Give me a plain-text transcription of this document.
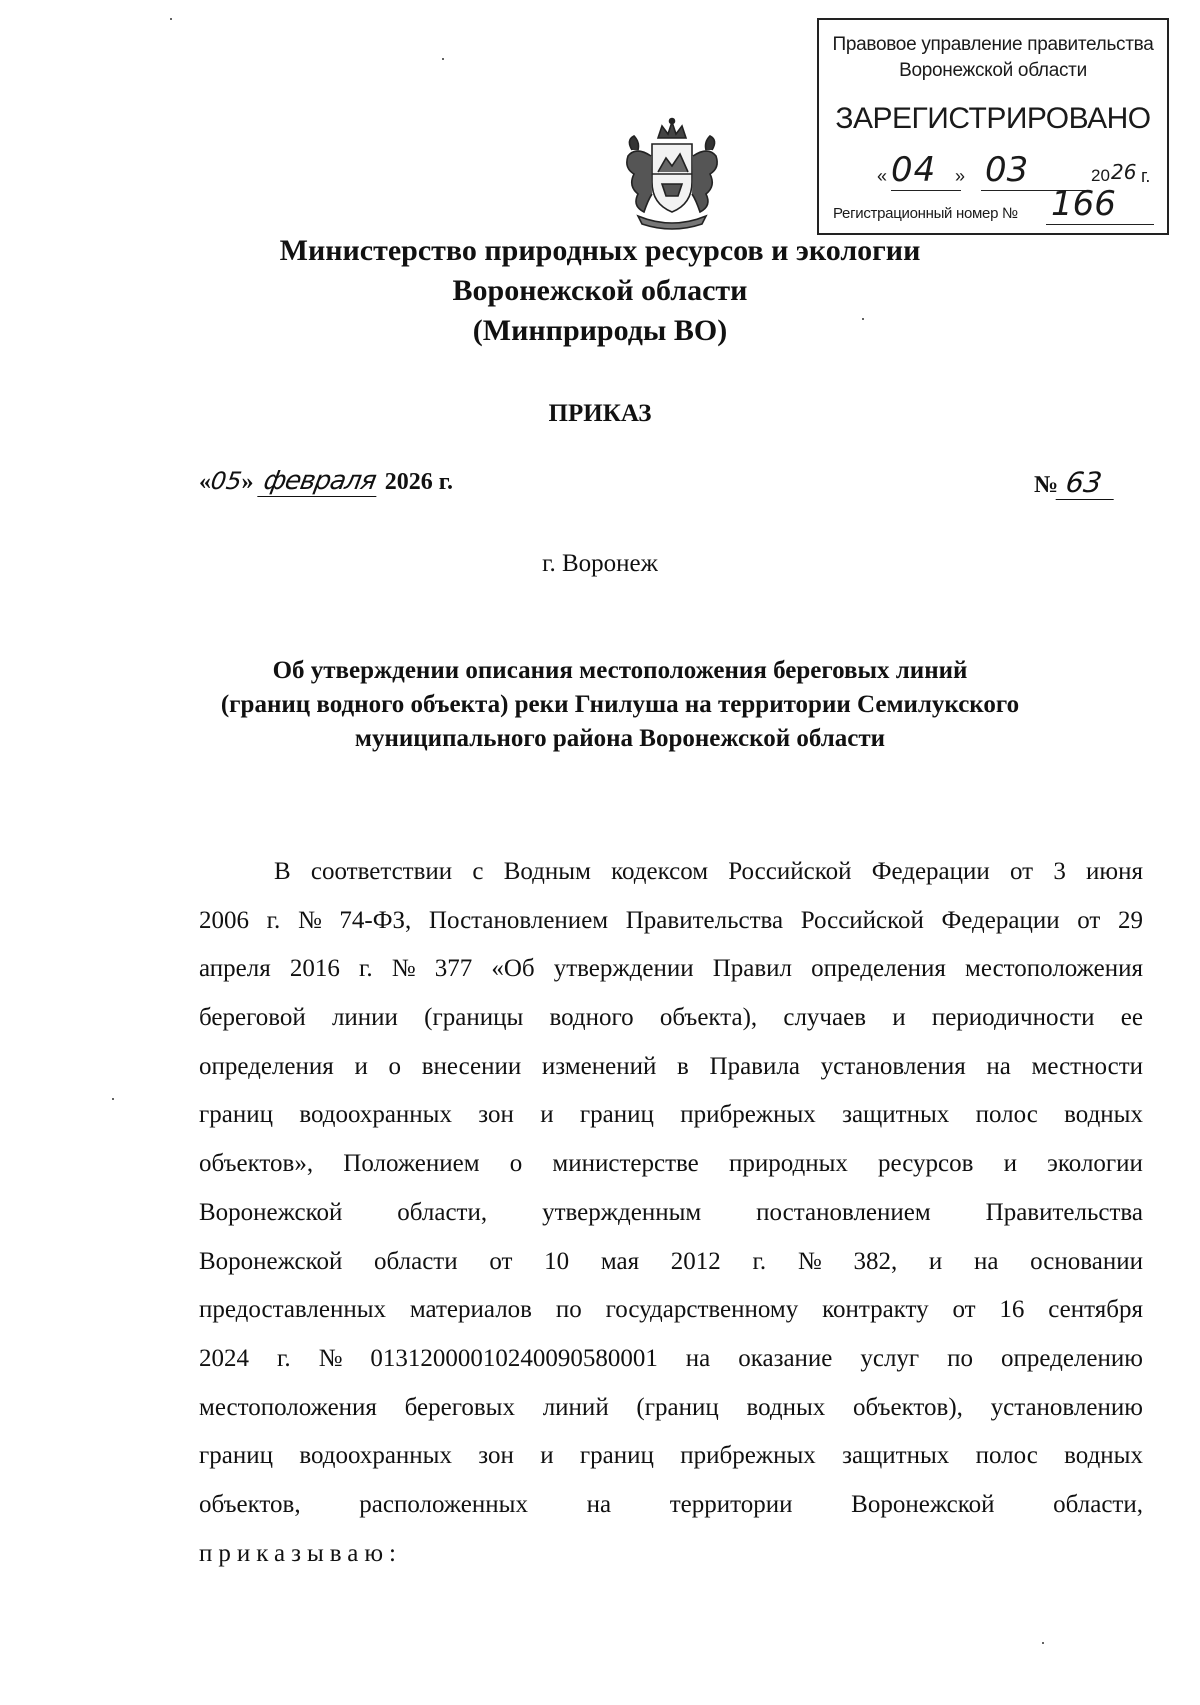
Правовое управление правительства
Воронежской области
ЗАРЕГИСТРИРОВАНО
« 04 » 03	20 26 г.
Регистрационный номер № 166
Министерство природных ресурсов и экологии
Воронежской области
(Минприроды ВО)
ПРИКАЗ
«05» февраля 2026 г.	№ 63
г. Воронеж
Об утверждении описания местоположения береговых линий
(границ водного объекта) реки Гнилуша на территории Семилукского
муниципального района Воронежской области
В соответствии с Водным кодексом Российской Федерации от 3 июня
2006 г. № 74-ФЗ, Постановлением Правительства Российской Федерации от 29
апреля 2016 г. № 377 «Об утверждении Правил определения местоположения
береговой линии (границы водного объекта), случаев и периодичности ее
определения и о внесении изменений в Правила установления на местности
границ водоохранных зон и границ прибрежных защитных полос водных
объектов», Положением о министерстве природных ресурсов и экологии
Воронежской области, утвержденным постановлением Правительства
Воронежской области от 10 мая 2012 г. № 382, и на основании
предоставленных материалов по государственному контракту от 16 сентября
2024 г. № 01312000010240090580001 на оказание услуг по определению
местоположения береговых линий (границ водных объектов), установлению
границ водоохранных зон и границ прибрежных защитных полос водных
объектов, расположенных на территории Воронежской области,
приказываю:
